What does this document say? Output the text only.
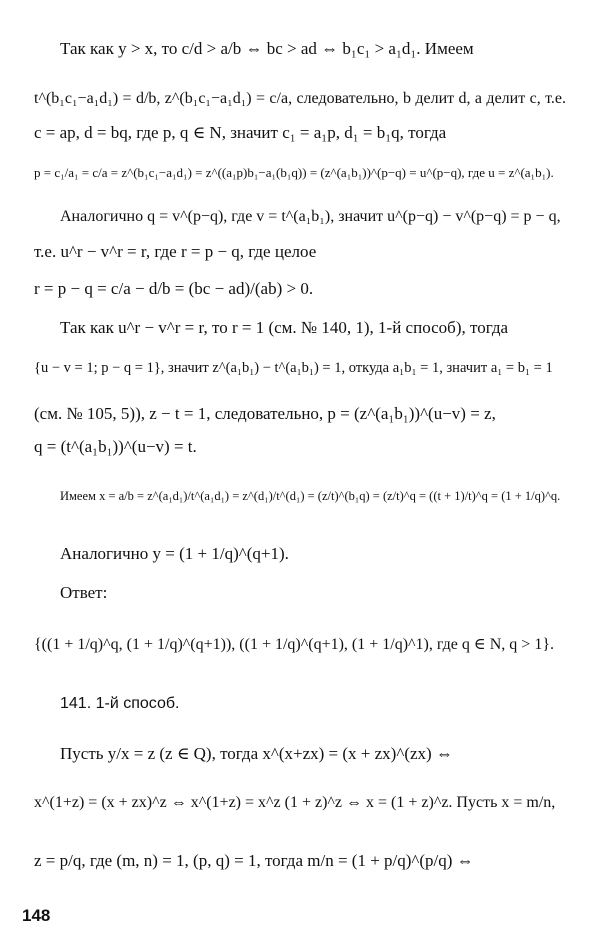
Так как y > x, то c/d > a/b ⇔ bc > ad ⇔ b₁c₁ > a₁d₁. Имеем
t^(b₁c₁−a₁d₁) = d/b, z^(b₁c₁−a₁d₁) = c/a, следовательно, b делит d, a делит c, т.е.
c = ap, d = bq, где p, q ∈ N, значит c₁ = a₁p, d₁ = b₁q, тогда
p = c₁/a₁ = c/a = z^(b₁c₁−a₁d₁) = z^((a₁p)b₁−a₁(b₁q)) = (z^(a₁b₁))^(p−q) = u^(p−q), где u = z^(a₁b₁).
Аналогично q = v^(p−q), где v = t^(a₁b₁), значит u^(p−q) − v^(p−q) = p − q,
т.е. u^r − v^r = r, где r = p − q, где целое
r = p − q = c/a − d/b = (bc − ad)/(ab) > 0.
Так как u^r − v^r = r, то r = 1 (см. № 140, 1), 1-й способ), тогда
{u − v = 1; p − q = 1}, значит z^(a₁b₁) − t^(a₁b₁) = 1, откуда a₁b₁ = 1, значит a₁ = b₁ = 1
(см. № 105, 5)), z − t = 1, следовательно, p = (z^(a₁b₁))^(u−v) = z,
q = (t^(a₁b₁))^(u−v) = t.
Имеем x = a/b = z^(a₁d₁)/t^(a₁d₁) = z^(d₁)/t^(d₁) = (z/t)^(b₁q) = (z/t)^q = ((t + 1)/t)^q = (1 + 1/q)^q.
Аналогично y = (1 + 1/q)^(q+1).
Ответ:
{((1 + 1/q)^q, (1 + 1/q)^(q+1)), ((1 + 1/q)^(q+1), (1 + 1/q)^1), где q ∈ N, q > 1}.
141. 1-й способ.
Пусть y/x = z (z ∈ Q), тогда x^(x+zx) = (x + zx)^(zx) ⇔
x^(1+z) = (x + zx)^z ⇔ x^(1+z) = x^z (1 + z)^z ⇔ x = (1 + z)^z. Пусть x = m/n,
z = p/q, где (m, n) = 1, (p, q) = 1, тогда m/n = (1 + p/q)^(p/q) ⇔
148
